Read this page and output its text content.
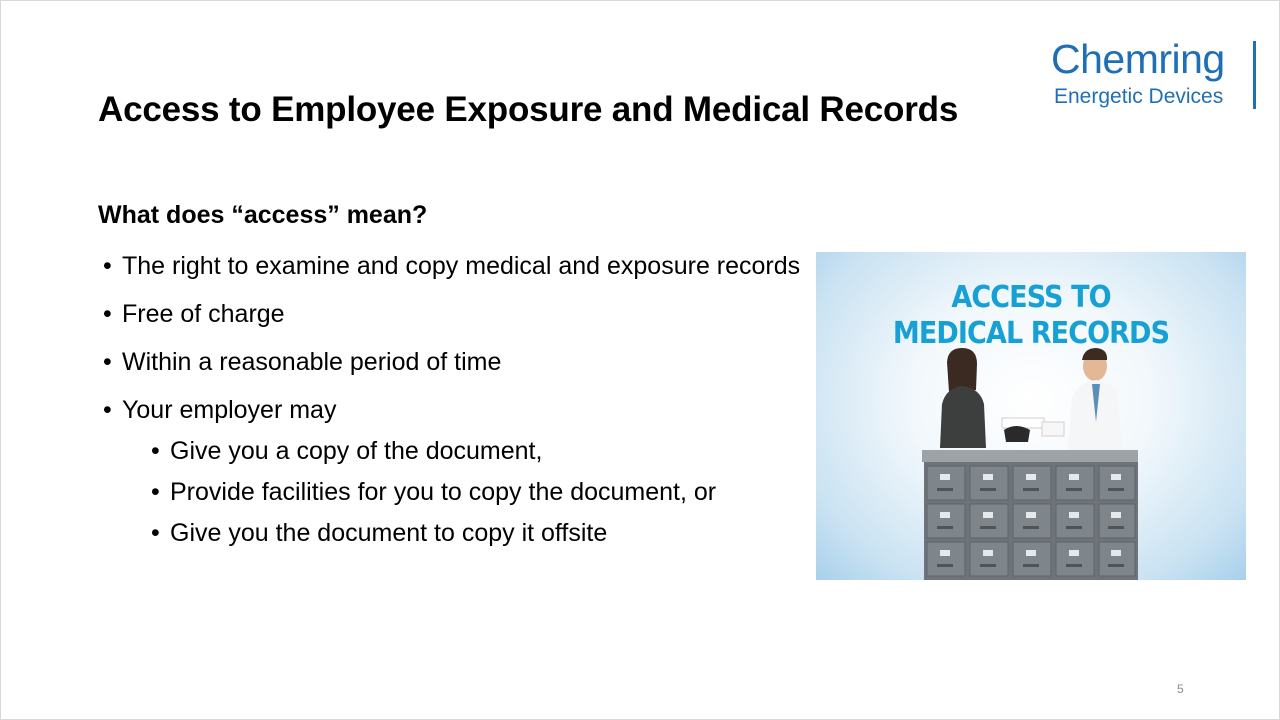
Access to Employee Exposure and Medical Records
Chemring
Energetic Devices
What does “access” mean?
• The right to examine and copy medical and exposure records
• Free of charge
• Within a reasonable period of time
• Your employer may
• Give you a copy of the document,
• Provide facilities for you to copy the document, or
• Give you the document to copy it offsite
ACCESS TO
MEDICAL RECORDS
5
